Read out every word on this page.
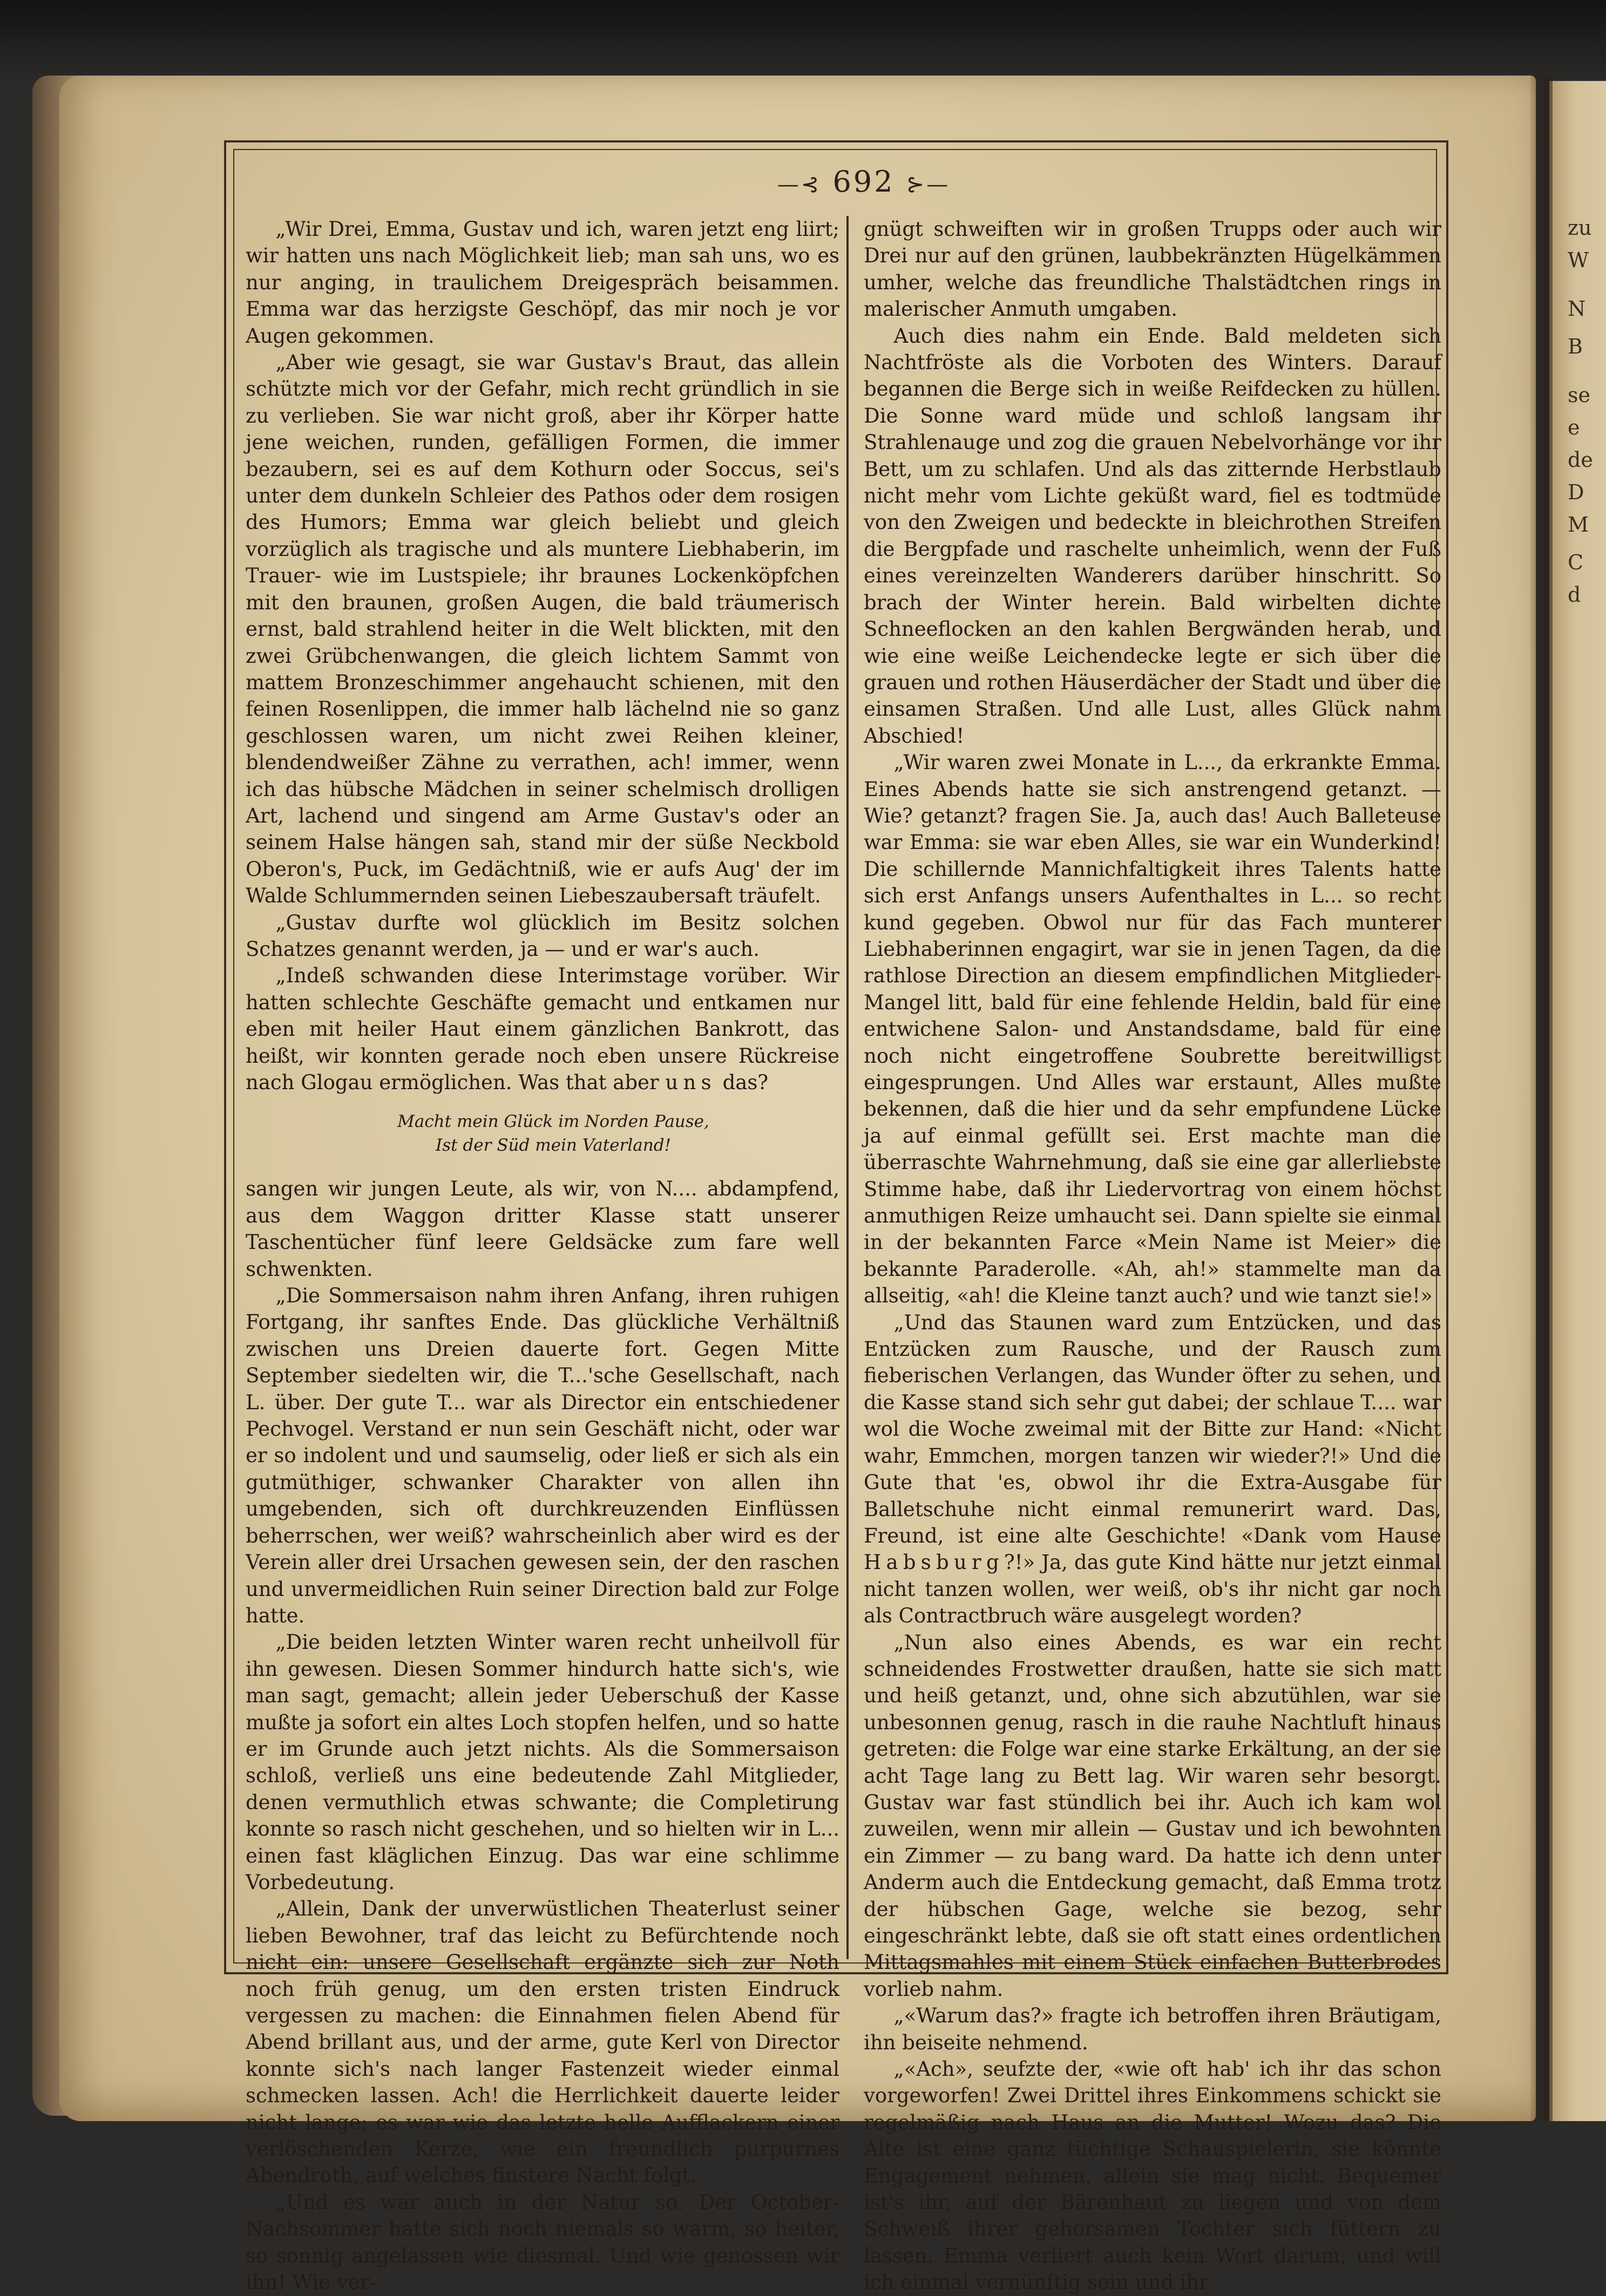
zu
W
N
B
se
e
de
D
M
C
d
—⊰ 692 ⊱—

„Wir Drei, Emma, Gustav und ich, waren jetzt eng liirt; wir hatten uns nach Möglichkeit lieb; man sah uns, wo es nur anging, in traulichem Dreigespräch beisammen. Emma war das herzigste Geschöpf, das mir noch je vor Augen gekommen.

„Aber wie gesagt, sie war Gustav's Braut, das allein schützte mich vor der Gefahr, mich recht gründlich in sie zu verlieben. Sie war nicht groß, aber ihr Körper hatte jene weichen, runden, gefälligen Formen, die immer bezaubern, sei es auf dem Kothurn oder Soccus, sei's unter dem dunkeln Schleier des Pathos oder dem rosigen des Humors; Emma war gleich beliebt und gleich vorzüglich als tragische und als muntere Liebhaberin, im Trauer- wie im Lustspiele; ihr braunes Lockenköpfchen mit den braunen, großen Augen, die bald träumerisch ernst, bald strahlend heiter in die Welt blickten, mit den zwei Grübchenwangen, die gleich lichtem Sammt von mattem Bronzeschimmer angehaucht schienen, mit den feinen Rosenlippen, die immer halb lächelnd nie so ganz geschlossen waren, um nicht zwei Reihen kleiner, blendendweißer Zähne zu verrathen, ach! immer, wenn ich das hübsche Mädchen in seiner schelmisch drolligen Art, lachend und singend am Arme Gustav's oder an seinem Halse hängen sah, stand mir der süße Neckbold Oberon's, Puck, im Gedächtniß, wie er aufs Aug' der im Walde Schlummernden seinen Liebeszaubersaft träufelt.

„Gustav durfte wol glücklich im Besitz solchen Schatzes genannt werden, ja — und er war's auch.

„Indeß schwanden diese Interimstage vorüber. Wir hatten schlechte Geschäfte gemacht und entkamen nur eben mit heiler Haut einem gänzlichen Bankrott, das heißt, wir konnten gerade noch eben unsere Rückreise nach Glogau ermöglichen. Was that aber uns das?

Macht mein Glück im Norden Pause,
Ist der Süd mein Vaterland!

sangen wir jungen Leute, als wir, von N.... abdampfend, aus dem Waggon dritter Klasse statt unserer Taschentücher fünf leere Geldsäcke zum fare well schwenkten.

„Die Sommersaison nahm ihren Anfang, ihren ruhigen Fortgang, ihr sanftes Ende. Das glückliche Verhältniß zwischen uns Dreien dauerte fort. Gegen Mitte September siedelten wir, die T...'sche Gesellschaft, nach L. über. Der gute T... war als Director ein entschiedener Pechvogel. Verstand er nun sein Geschäft nicht, oder war er so indolent und und saumselig, oder ließ er sich als ein gutmüthiger, schwanker Charakter von allen ihn umgebenden, sich oft durchkreuzenden Einflüssen beherrschen, wer weiß? wahrscheinlich aber wird es der Verein aller drei Ursachen gewesen sein, der den raschen und unvermeidlichen Ruin seiner Direction bald zur Folge hatte.

„Die beiden letzten Winter waren recht unheilvoll für ihn gewesen. Diesen Sommer hindurch hatte sich's, wie man sagt, gemacht; allein jeder Ueberschuß der Kasse mußte ja sofort ein altes Loch stopfen helfen, und so hatte er im Grunde auch jetzt nichts. Als die Sommersaison schloß, verließ uns eine bedeutende Zahl Mitglieder, denen vermuthlich etwas schwante; die Completirung konnte so rasch nicht geschehen, und so hielten wir in L... einen fast kläglichen Einzug. Das war eine schlimme Vorbedeutung.

„Allein, Dank der unverwüstlichen Theaterlust seiner lieben Bewohner, traf das leicht zu Befürchtende noch nicht ein: unsere Gesellschaft ergänzte sich zur Noth noch früh genug, um den ersten tristen Eindruck vergessen zu machen: die Einnahmen fielen Abend für Abend brillant aus, und der arme, gute Kerl von Director konnte sich's nach langer Fastenzeit wieder einmal schmecken lassen. Ach! die Herrlichkeit dauerte leider nicht lange; es war wie das letzte helle Aufflackern einer verlöschenden Kerze, wie ein freundlich purpurnes Abendroth, auf welches finstere Nacht folgt.

„Und es war auch in der Natur so. Der October-Nachsommer hatte sich noch niemals so warm, so heiter, so sonnig angelassen wie diesmal. Und wie genossen wir ihn! Wie ver-

gnügt schweiften wir in großen Trupps oder auch wir Drei nur auf den grünen, laubbekränzten Hügelkämmen umher, welche das freundliche Thalstädtchen rings in malerischer Anmuth umgaben.

Auch dies nahm ein Ende. Bald meldeten sich Nachtfröste als die Vorboten des Winters. Darauf begannen die Berge sich in weiße Reifdecken zu hüllen. Die Sonne ward müde und schloß langsam ihr Strahlenauge und zog die grauen Nebelvorhänge vor ihr Bett, um zu schlafen. Und als das zitternde Herbstlaub nicht mehr vom Lichte geküßt ward, fiel es todtmüde von den Zweigen und bedeckte in bleichrothen Streifen die Bergpfade und raschelte unheimlich, wenn der Fuß eines vereinzelten Wanderers darüber hinschritt. So brach der Winter herein. Bald wirbelten dichte Schneeflocken an den kahlen Bergwänden herab, und wie eine weiße Leichendecke legte er sich über die grauen und rothen Häuserdächer der Stadt und über die einsamen Straßen. Und alle Lust, alles Glück nahm Abschied!

„Wir waren zwei Monate in L..., da erkrankte Emma. Eines Abends hatte sie sich anstrengend getanzt. — Wie? getanzt? fragen Sie. Ja, auch das! Auch Balleteuse war Emma: sie war eben Alles, sie war ein Wunderkind! Die schillernde Mannichfaltigkeit ihres Talents hatte sich erst Anfangs unsers Aufenthaltes in L... so recht kund gegeben. Obwol nur für das Fach munterer Liebhaberinnen engagirt, war sie in jenen Tagen, da die rathlose Direction an diesem empfindlichen Mitglieder-Mangel litt, bald für eine fehlende Heldin, bald für eine entwichene Salon- und Anstandsdame, bald für eine noch nicht eingetroffene Soubrette bereitwilligst eingesprungen. Und Alles war erstaunt, Alles mußte bekennen, daß die hier und da sehr empfundene Lücke ja auf einmal gefüllt sei. Erst machte man die überraschte Wahrnehmung, daß sie eine gar allerliebste Stimme habe, daß ihr Liedervortrag von einem höchst anmuthigen Reize umhaucht sei. Dann spielte sie einmal in der bekannten Farce «Mein Name ist Meier» die bekannte Paraderolle. «Ah, ah!» stammelte man da allseitig, «ah! die Kleine tanzt auch? und wie tanzt sie!»

„Und das Staunen ward zum Entzücken, und das Entzücken zum Rausche, und der Rausch zum fieberischen Verlangen, das Wunder öfter zu sehen, und die Kasse stand sich sehr gut dabei; der schlaue T.... war wol die Woche zweimal mit der Bitte zur Hand: «Nicht wahr, Emmchen, morgen tanzen wir wieder?!» Und die Gute that 'es, obwol ihr die Extra-Ausgabe für Balletschuhe nicht einmal remunerirt ward. Das, Freund, ist eine alte Geschichte! «Dank vom Hause Habsburg?!» Ja, das gute Kind hätte nur jetzt einmal nicht tanzen wollen, wer weiß, ob's ihr nicht gar noch als Contractbruch wäre ausgelegt worden?

„Nun also eines Abends, es war ein recht schneidendes Frostwetter draußen, hatte sie sich matt und heiß getanzt, und, ohne sich abzutühlen, war sie unbesonnen genug, rasch in die rauhe Nachtluft hinaus getreten: die Folge war eine starke Erkältung, an der sie acht Tage lang zu Bett lag. Wir waren sehr besorgt. Gustav war fast stündlich bei ihr. Auch ich kam wol zuweilen, wenn mir allein — Gustav und ich bewohnten ein Zimmer — zu bang ward. Da hatte ich denn unter Anderm auch die Entdeckung gemacht, daß Emma trotz der hübschen Gage, welche sie bezog, sehr eingeschränkt lebte, daß sie oft statt eines ordentlichen Mittagsmahles mit einem Stück einfachen Butterbrodes vorlieb nahm.

„«Warum das?» fragte ich betroffen ihren Bräutigam, ihn beiseite nehmend.

„«Ach», seufzte der, «wie oft hab' ich ihr das schon vorgeworfen! Zwei Drittel ihres Einkommens schickt sie regelmäßig nach Haus an die Mutter! Wozu das? Die Alte ist eine ganz tüchtige Schauspielerin, sie könnte Engagement nehmen, allein sie mag nicht. Bequemer ist's ihr, auf der Bärenhaut zu liegen und von dem Schweiß ihrer gehorsamen Tochter sich füttern zu lassen. Emma verliert auch kein Wort darum, und will ich einmal vernünftig sein und ihr
